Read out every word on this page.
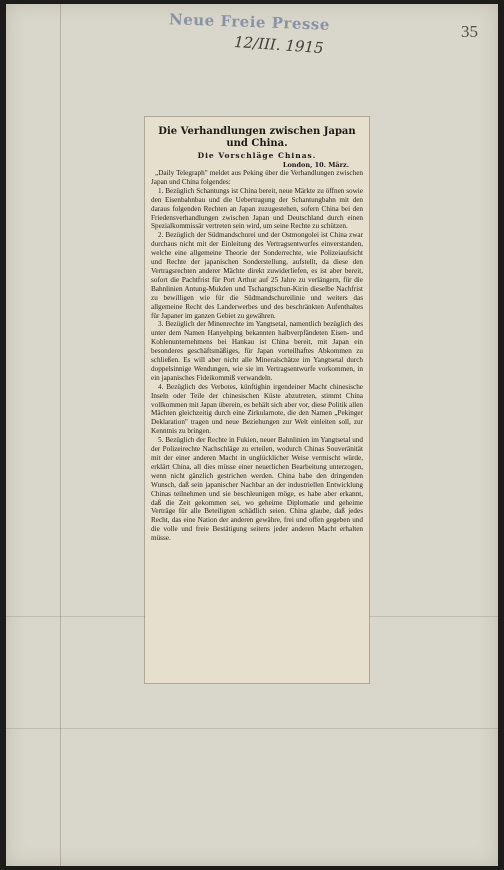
Neue Freie Presse
12/III. 1915
35
Die Verhandlungen zwischen Japan und China.
Die Vorschläge Chinas.
London, 10. März.

„Daily Telegraph" meldet aus Peking über die Verhandlungen zwischen Japan und China folgendes:

1. Bezüglich Schantungs ist China bereit, neue Märkte zu öffnen sowie den Eisenbahnbau und die Uebertragung der Schantungbahn mit den daraus folgenden Rechten an Japan zuzugestehen, sofern China bei den Friedensverhandlungen zwischen Japan und Deutschland durch einen Spezialkommissär vertreten sein wird, um seine Rechte zu schützen.

2. Bezüglich der Südmandschurei und der Ostmongolei ist China zwar durchaus nicht mit der Einleitung des Vertragsentwurfes einverstanden, welche eine allgemeine Theorie der Sonderrechte, wie Polizeiaufsicht und Rechte der japanischen Sonderstellung, aufstellt, da diese den Vertragsrechten anderer Mächte direkt zuwiderliefen, es ist aber bereit, sofort die Pachtfrist für Port Arthur auf 25 Jahre zu verlängern, für die Bahnlinien Antung-Mukden und Tschangtschun-Kirin dieselbe Nachfrist zu bewilligen wie für die Südmandschureilinie und weiters das allgemeine Recht des Landerwerbes und des beschränkten Aufenthaltes für Japaner im ganzen Gebiet zu gewähren.

3. Bezüglich der Minenrechte im Yangtsetal, namentlich bezüglich des unter dem Namen Hanyehping bekannten halbverpfändeten Eisen- und Kohlenunternehmens bei Hankau ist China bereit, mit Japan ein besonderes geschäftsmäßiges, für Japan vorteilhaftes Abkommen zu schließen. Es will aber nicht alle Mineralschätze im Yangtsetal durch doppelsinnige Wendungen, wie sie im Vertragsentwurfe vorkommen, in ein japanisches Fideikommiß verwandeln.

4. Bezüglich des Verbotes, künftighin irgendeiner Macht chinesische Inseln oder Teile der chinesischen Küste abzutreten, stimmt China vollkommen mit Japan überein, es behält sich aber vor, diese Politik allen Mächten gleichzeitig durch eine Zirkularnote, die den Namen „Pekinger Deklaration" tragen und neue Beziehungen zur Welt einleiten soll, zur Kenntnis zu bringen.

5. Bezüglich der Rechte in Fukien, neuer Bahnlinien im Yangtsetal und der Polizeirechte Nachschläge zu erteilen, wodurch Chinas Souveränität mit der einer anderen Macht in unglücklicher Weise vermischt würde, erklärt China, all dies müsse einer neuerlichen Bearbeitung unterzogen, wenn nicht gänzlich gestrichen werden. China habe den dringenden Wunsch, daß sein japanischer Nachbar an der industriellen Entwicklung Chinas teilnehmen und sie beschleunigen möge, es habe aber erkannt, daß die Zeit gekommen sei, wo geheime Diplomatie und geheime Verträge für alle Beteiligten schädlich seien. China glaube, daß jedes Recht, das eine Nation der anderen gewähre, frei und offen gegeben und die volle und freie Bestätigung seitens jeder anderen Macht erhalten müsse.
